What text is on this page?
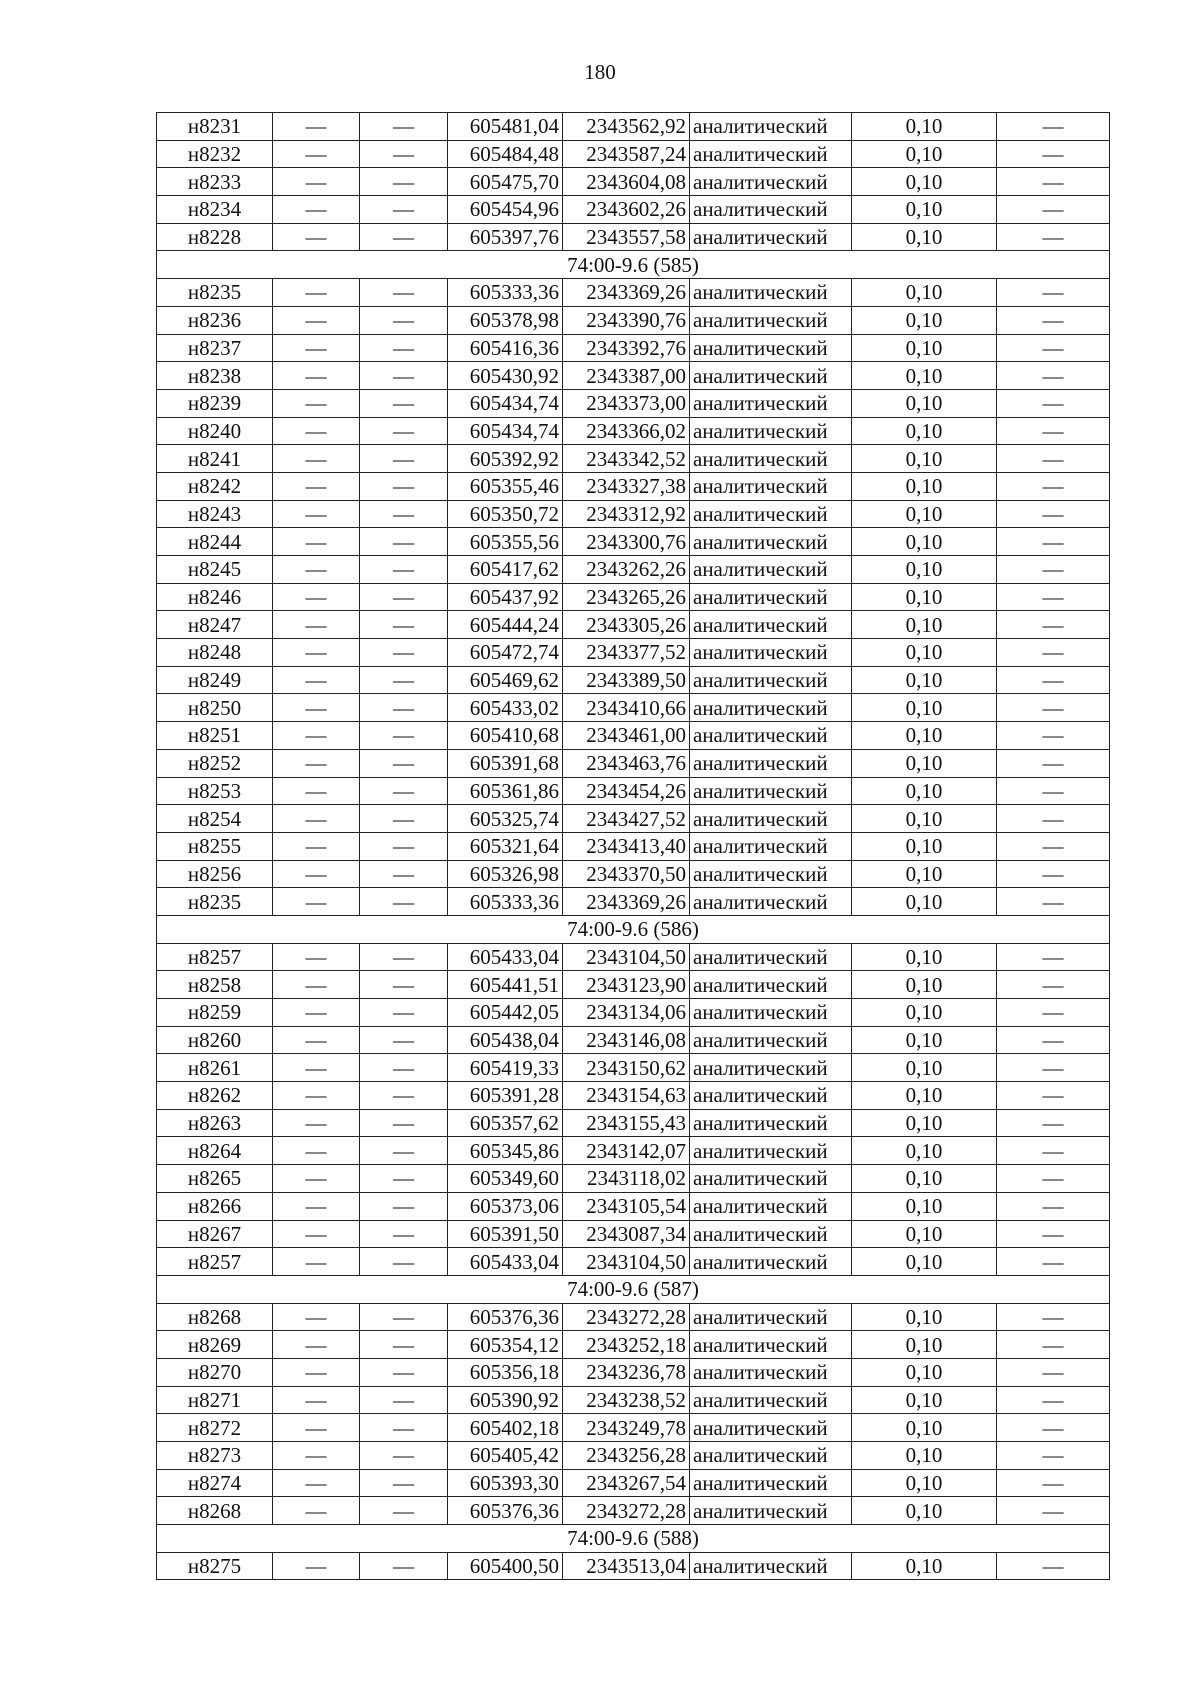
180
н8231	—	—	605481,04	2343562,92	аналитический	0,10	—
н8232	—	—	605484,48	2343587,24	аналитический	0,10	—
н8233	—	—	605475,70	2343604,08	аналитический	0,10	—
н8234	—	—	605454,96	2343602,26	аналитический	0,10	—
н8228	—	—	605397,76	2343557,58	аналитический	0,10	—
74:00-9.6 (585)							
н8235	—	—	605333,36	2343369,26	аналитический	0,10	—
н8236	—	—	605378,98	2343390,76	аналитический	0,10	—
н8237	—	—	605416,36	2343392,76	аналитический	0,10	—
н8238	—	—	605430,92	2343387,00	аналитический	0,10	—
н8239	—	—	605434,74	2343373,00	аналитический	0,10	—
н8240	—	—	605434,74	2343366,02	аналитический	0,10	—
н8241	—	—	605392,92	2343342,52	аналитический	0,10	—
н8242	—	—	605355,46	2343327,38	аналитический	0,10	—
н8243	—	—	605350,72	2343312,92	аналитический	0,10	—
н8244	—	—	605355,56	2343300,76	аналитический	0,10	—
н8245	—	—	605417,62	2343262,26	аналитический	0,10	—
н8246	—	—	605437,92	2343265,26	аналитический	0,10	—
н8247	—	—	605444,24	2343305,26	аналитический	0,10	—
н8248	—	—	605472,74	2343377,52	аналитический	0,10	—
н8249	—	—	605469,62	2343389,50	аналитический	0,10	—
н8250	—	—	605433,02	2343410,66	аналитический	0,10	—
н8251	—	—	605410,68	2343461,00	аналитический	0,10	—
н8252	—	—	605391,68	2343463,76	аналитический	0,10	—
н8253	—	—	605361,86	2343454,26	аналитический	0,10	—
н8254	—	—	605325,74	2343427,52	аналитический	0,10	—
н8255	—	—	605321,64	2343413,40	аналитический	0,10	—
н8256	—	—	605326,98	2343370,50	аналитический	0,10	—
н8235	—	—	605333,36	2343369,26	аналитический	0,10	—
74:00-9.6 (586)							
н8257	—	—	605433,04	2343104,50	аналитический	0,10	—
н8258	—	—	605441,51	2343123,90	аналитический	0,10	—
н8259	—	—	605442,05	2343134,06	аналитический	0,10	—
н8260	—	—	605438,04	2343146,08	аналитический	0,10	—
н8261	—	—	605419,33	2343150,62	аналитический	0,10	—
н8262	—	—	605391,28	2343154,63	аналитический	0,10	—
н8263	—	—	605357,62	2343155,43	аналитический	0,10	—
н8264	—	—	605345,86	2343142,07	аналитический	0,10	—
н8265	—	—	605349,60	2343118,02	аналитический	0,10	—
н8266	—	—	605373,06	2343105,54	аналитический	0,10	—
н8267	—	—	605391,50	2343087,34	аналитический	0,10	—
н8257	—	—	605433,04	2343104,50	аналитический	0,10	—
74:00-9.6 (587)							
н8268	—	—	605376,36	2343272,28	аналитический	0,10	—
н8269	—	—	605354,12	2343252,18	аналитический	0,10	—
н8270	—	—	605356,18	2343236,78	аналитический	0,10	—
н8271	—	—	605390,92	2343238,52	аналитический	0,10	—
н8272	—	—	605402,18	2343249,78	аналитический	0,10	—
н8273	—	—	605405,42	2343256,28	аналитический	0,10	—
н8274	—	—	605393,30	2343267,54	аналитический	0,10	—
н8268	—	—	605376,36	2343272,28	аналитический	0,10	—
74:00-9.6 (588)							
н8275	—	—	605400,50	2343513,04	аналитический	0,10	—
